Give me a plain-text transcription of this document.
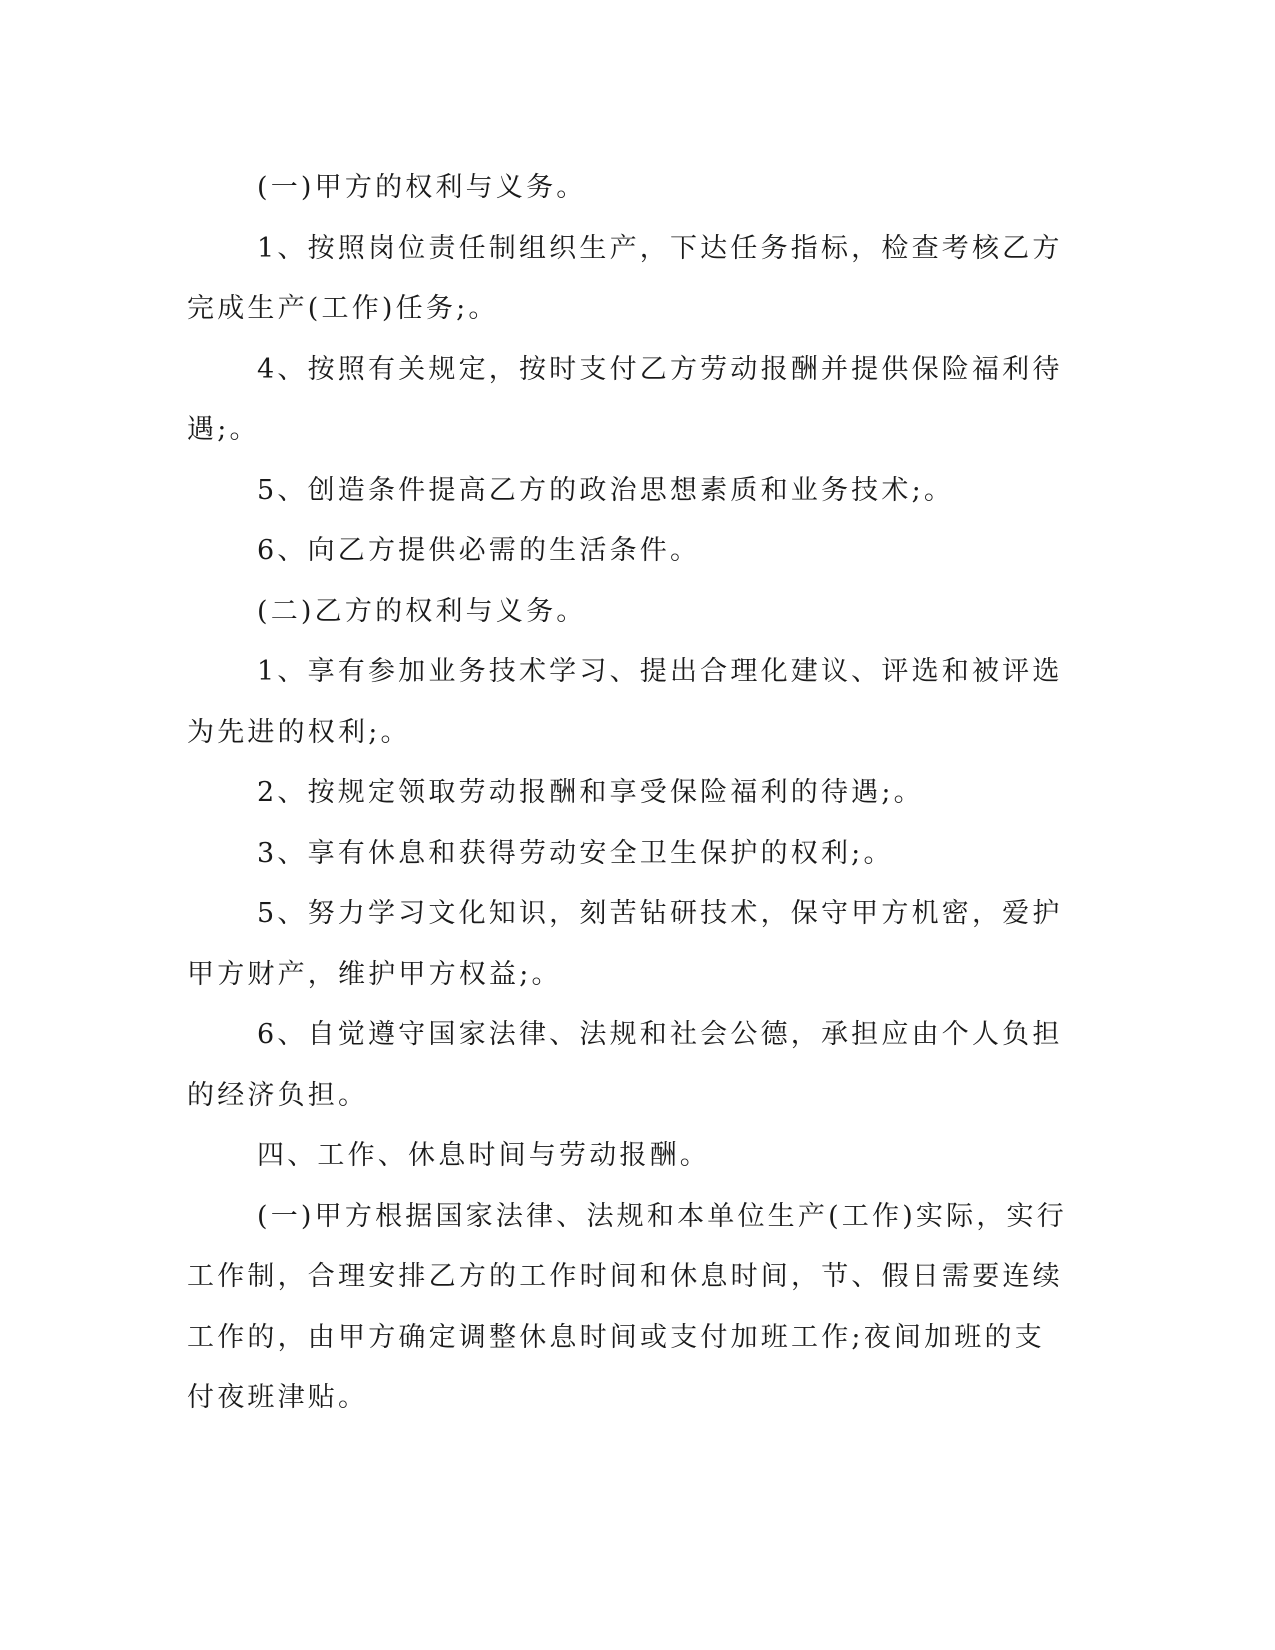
(一)甲方的权利与义务。

1、按照岗位责任制组织生产，下达任务指标，检查考核乙方完成生产(工作)任务;。

4、按照有关规定，按时支付乙方劳动报酬并提供保险福利待遇;。

5、创造条件提高乙方的政治思想素质和业务技术;。

6、向乙方提供必需的生活条件。

(二)乙方的权利与义务。

1、享有参加业务技术学习、提出合理化建议、评选和被评选为先进的权利;。

2、按规定领取劳动报酬和享受保险福利的待遇;。

3、享有休息和获得劳动安全卫生保护的权利;。

5、努力学习文化知识，刻苦钻研技术，保守甲方机密，爱护甲方财产，维护甲方权益;。

6、自觉遵守国家法律、法规和社会公德，承担应由个人负担的经济负担。

四、工作、休息时间与劳动报酬。

(一)甲方根据国家法律、法规和本单位生产(工作)实际，实行工作制，合理安排乙方的工作时间和休息时间，节、假日需要连续工作的，由甲方确定调整休息时间或支付加班工作;夜间加班的支付夜班津贴。
